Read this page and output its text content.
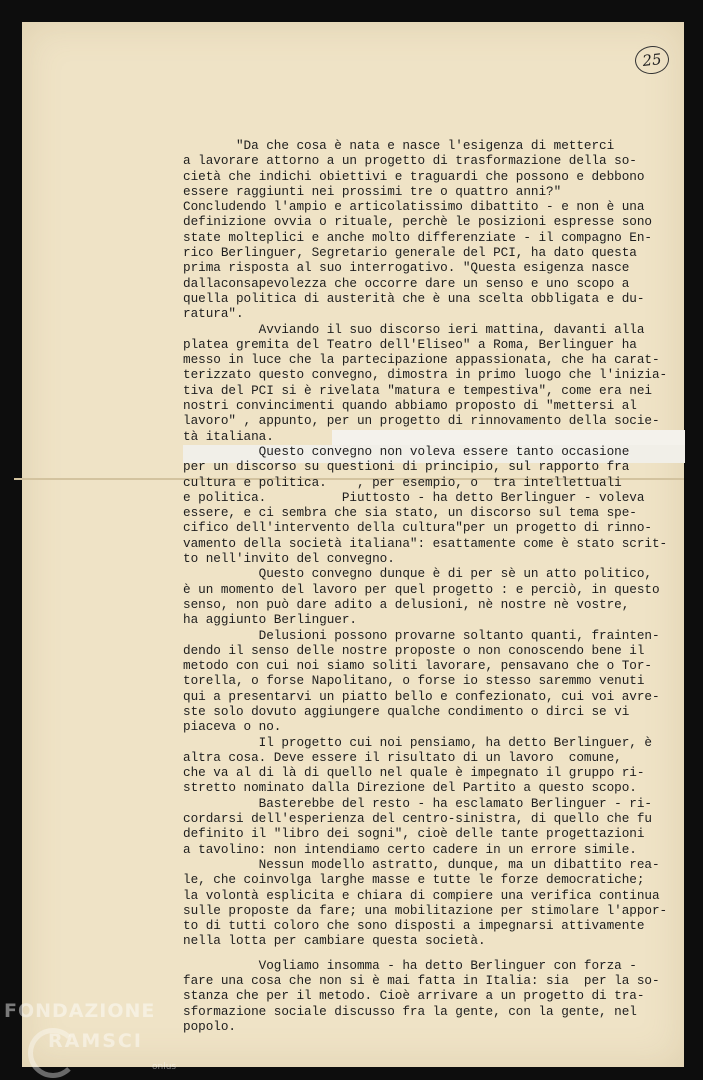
25
"Da che cosa è nata e nasce l'esigenza di metterci
a lavorare attorno a un progetto di trasformazione della so-
cietà che indichi obiettivi e traguardi che possono e debbono
essere raggiunti nei prossimi tre o quattro anni?"
Concludendo l'ampio e articolatissimo dibattito - e non è una
definizione ovvia o rituale, perchè le posizioni espresse sono
state molteplici e anche molto differenziate - il compagno En-
rico Berlinguer, Segretario generale del PCI, ha dato questa
prima risposta al suo interrogativo. "Questa esigenza nasce
dallaconsapevolezza che occorre dare un senso e uno scopo a
quella politica di austerità che è una scelta obbligata e du-
ratura".
Avviando il suo discorso ieri mattina, davanti alla
platea gremita del Teatro dell'Eliseo" a Roma, Berlinguer ha
messo in luce che la partecipazione appassionata, che ha carat-
terizzato questo convegno, dimostra in primo luogo che l'inizia-
tiva del PCI si è rivelata "matura e tempestiva", come era nei
nostri convincimenti quando abbiamo proposto di "mettersi al
lavoro" , appunto, per un progetto di rinnovamento della socie-
tà italiana.
Questo convegno non voleva essere tanto occasione
per un discorso su questioni di principio, sul rapporto fra
cultura e politica.    , per esempio, o  tra intellettuali
e politica.          Piuttosto - ha detto Berlinguer - voleva
essere, e ci sembra che sia stato, un discorso sul tema spe-
cifico dell'intervento della cultura"per un progetto di rinno-
vamento della società italiana": esattamente come è stato scrit-
to nell'invito del convegno.
Questo convegno dunque è di per sè un atto politico,
è un momento del lavoro per quel progetto : e perciò, in questo
senso, non può dare adito a delusioni, nè nostre nè vostre,
ha aggiunto Berlinguer.
Delusioni possono provarne soltanto quanti, frainten-
dendo il senso delle nostre proposte o non conoscendo bene il
metodo con cui noi siamo soliti lavorare, pensavano che o Tor-
torella, o forse Napolitano, o forse io stesso saremmo venuti
qui a presentarvi un piatto bello e confezionato, cui voi avre-
ste solo dovuto aggiungere qualche condimento o dirci se vi
piaceva o no.
Il progetto cui noi pensiamo, ha detto Berlinguer, è
altra cosa. Deve essere il risultato di un lavoro  comune,
che va al di là di quello nel quale è impegnato il gruppo ri-
stretto nominato dalla Direzione del Partito a questo scopo.
Basterebbe del resto - ha esclamato Berlinguer - ri-
cordarsi dell'esperienza del centro-sinistra, di quello che fu
definito il "libro dei sogni", cioè delle tante progettazioni
a tavolino: non intendiamo certo cadere in un errore simile.
Nessun modello astratto, dunque, ma un dibattito rea-
le, che coinvolga larghe masse e tutte le forze democratiche;
la volontà esplicita e chiara di compiere una verifica continua
sulle proposte da fare; una mobilitazione per stimolare l'appor-
to di tutti coloro che sono disposti a impegnarsi attivamente
nella lotta per cambiare questa società.
Vogliamo insomma - ha detto Berlinguer con forza -
fare una cosa che non si è mai fatta in Italia: sia  per la so-
stanza che per il metodo. Cioè arrivare a un progetto di tra-
sformazione sociale discusso fra la gente, con la gente, nel
popolo.
FONDAZIONE
RAMSCI
onlus
